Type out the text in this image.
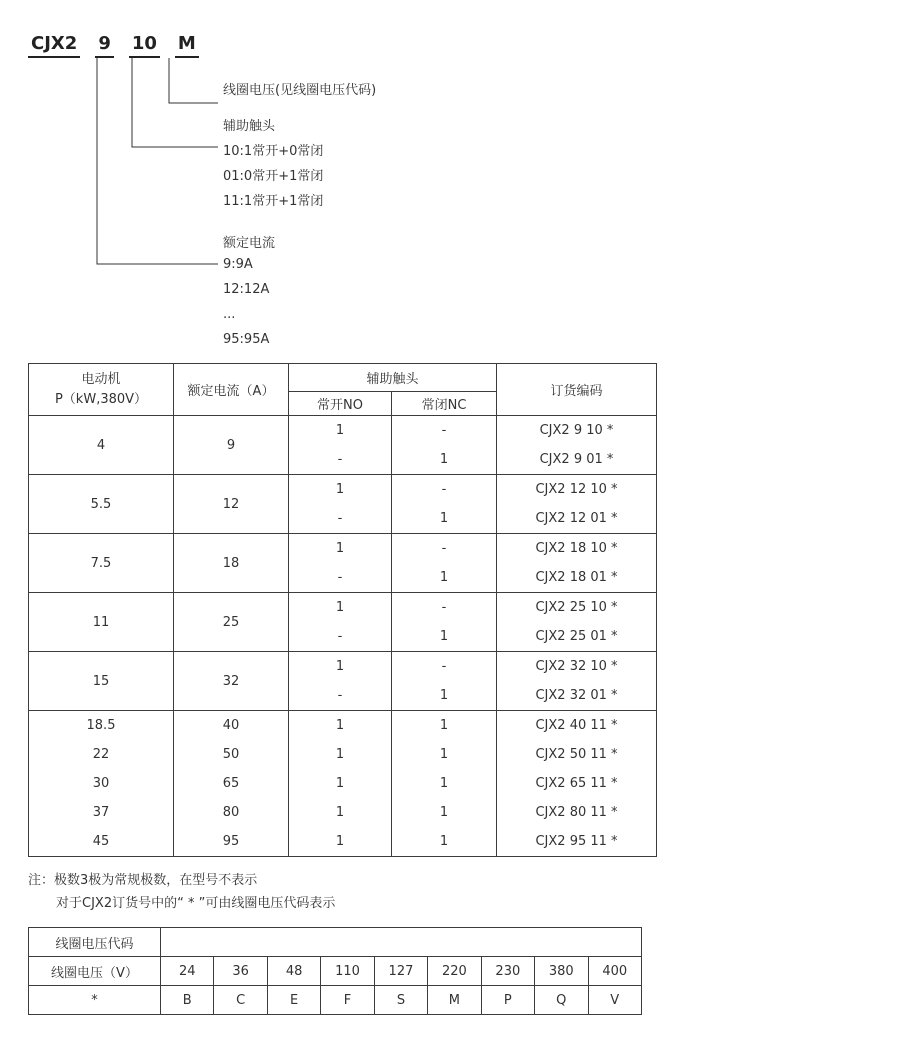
CJX2 9 10 M
线圈电压(见线圈电压代码)
辅助触头
10:1常开+0常闭
01:0常开+1常闭
11:1常开+1常闭
额定电流
9:9A
12:12A
...
95:95A
电动机
P（kW,380V）	额定电流（A）	辅助触头		订货编码
		常开NO	常闭NC	
4	9	1	-	CJX2 9 10 *
		-	1	CJX2 9 01 *
5.5	12	1	-	CJX2 12 10 *
		-	1	CJX2 12 01 *
7.5	18	1	-	CJX2 18 10 *
		-	1	CJX2 18 01 *
11	25	1	-	CJX2 25 10 *
		-	1	CJX2 25 01 *
15	32	1	-	CJX2 32 10 *
		-	1	CJX2 32 01 *
18.5	40	1	1	CJX2 40 11 *
22	50	1	1	CJX2 50 11 *
30	65	1	1	CJX2 65 11 *
37	80	1	1	CJX2 80 11 *
45	95	1	1	CJX2 95 11 *
注：极数3极为常规极数，在型号不表示
对于CJX2订货号中的“ * ”可由线圈电压代码表示
线圈电压代码									
线圈电压（V）	24	36	48	110	127	220	230	380	400
*	B	C	E	F	S	M	P	Q	V
